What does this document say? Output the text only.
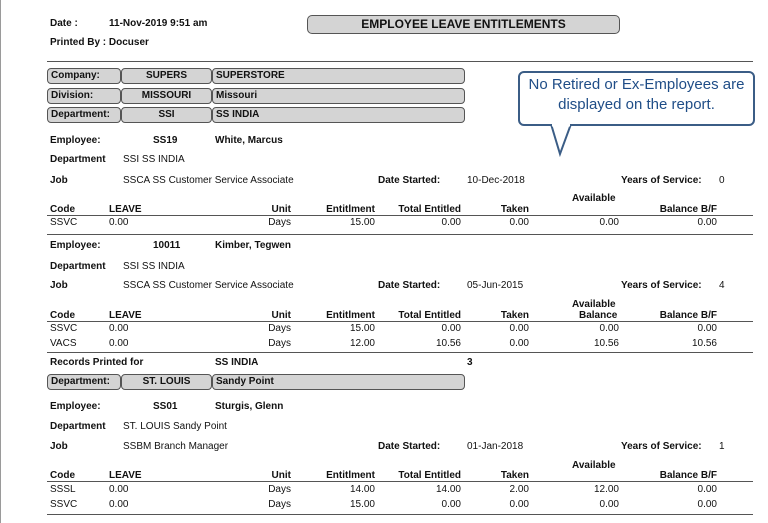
Date :	11-Nov-2019 9:51 am
Printed By : Docuser
EMPLOYEE LEAVE ENTITLEMENTS
No Retired or Ex-Employees are displayed on the report.
Company:	SUPERS	SUPERSTORE
Division:	MISSOURI	Missouri
Department:	SSI	SS INDIA
Employee:	SS19	White, Marcus
Department SSI SS INDIA
Job	SSCA SS Customer Service Associate	Date Started:	10-Dec-2018	Years of Service: 0
Available
Code	LEAVE	Unit	Entitlment	Total Entitled	Taken	Balance B/F
SSVC	0.00	Days	15.00	0.00	0.00	0.00	0.00
Employee:	10011	Kimber, Tegwen
Department SSI SS INDIA
Job	SSCA SS Customer Service Associate	Date Started:	05-Jun-2015	Years of Service: 4
Available
Balance
Code	LEAVE	Unit	Entitlment	Total Entitled	Taken	Balance B/F
SSVC	0.00	Days	15.00	0.00	0.00	0.00	0.00
VACS	0.00	Days	12.00	10.56	0.00	10.56	10.56
Records Printed for	SS INDIA	3
Department:	ST. LOUIS	Sandy Point
Employee:	SS01	Sturgis, Glenn
Department ST. LOUIS Sandy Point
Job	SSBM Branch Manager	Date Started:	01-Jan-2018	Years of Service: 1
Available
Code	LEAVE	Unit	Entitlment	Total Entitled	Taken	Balance B/F
SSSL	0.00	Days	14.00	14.00	2.00	12.00	0.00
SSVC	0.00	Days	15.00	0.00	0.00	0.00	0.00
